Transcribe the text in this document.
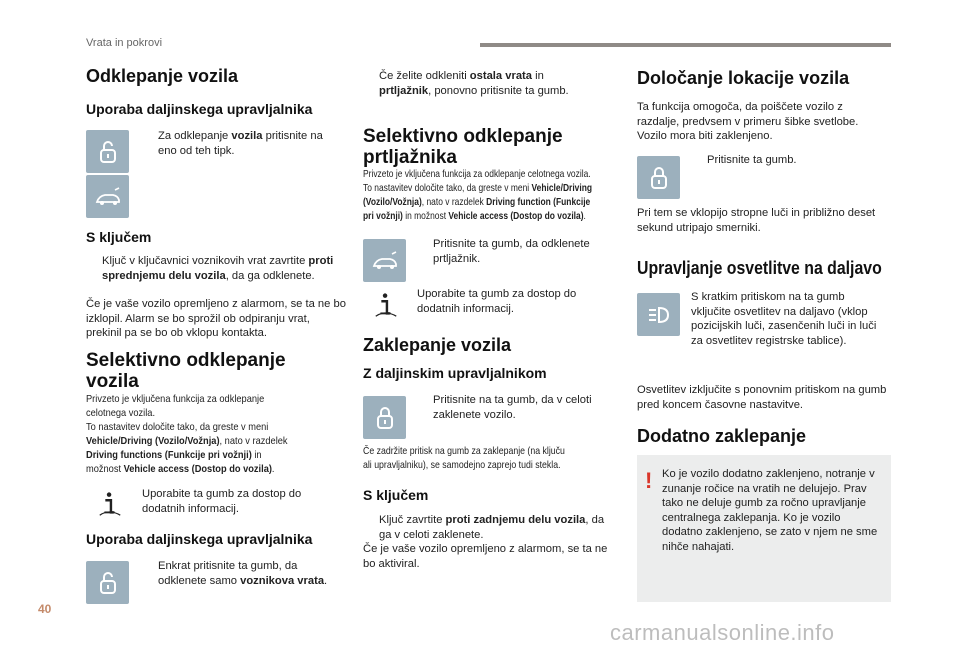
Vrata in pokrovi
Odklepanje vozila
Uporaba daljinskega upravljalnika
Za odklepanje vozila pritisnite na eno od teh tipk.
S ključem
Ključ v ključavnici voznikovih vrat zavrtite proti sprednjemu delu vozila, da ga odklenete.
Če je vaše vozilo opremljeno z alarmom, se ta ne bo izklopil. Alarm se bo sprožil ob odpiranju vrat, prekinil pa se bo ob vklopu kontakta.
Selektivno odklepanje
vozila
Privzeto je vključena funkcija za odklepanje
celotnega vozila.
To nastavitev določite tako, da greste v meni
Vehicle/Driving (Vozilo/Vožnja), nato v razdelek
Driving functions (Funkcije pri vožnji) in
možnost Vehicle access (Dostop do vozila).
Uporabite ta gumb za dostop do dodatnih informacij.
Uporaba daljinskega upravljalnika
Enkrat pritisnite ta gumb, da odklenete samo voznikova vrata.
Če želite odkleniti ostala vrata in prtljažnik, ponovno pritisnite ta gumb.
Selektivno odklepanje
prtljažnika
Privzeto je vključena funkcija za odklepanje celotnega vozila.
To nastavitev določite tako, da greste v meni Vehicle/Driving
(Vozilo/Vožnja), nato v razdelek Driving function (Funkcije
pri vožnji) in možnost Vehicle access (Dostop do vozila).
Pritisnite ta gumb, da odklenete prtljažnik.
Uporabite ta gumb za dostop do dodatnih informacij.
Zaklepanje vozila
Z daljinskim upravljalnikom
Pritisnite na ta gumb, da v celoti zaklenete vozilo.
Če zadržite pritisk na gumb za zaklepanje (na ključu
ali upravljalniku), se samodejno zaprejo tudi stekla.
S ključem
Ključ zavrtite proti zadnjemu delu vozila, da ga v celoti zaklenete.
Če je vaše vozilo opremljeno z alarmom, se ta ne bo aktiviral.
Določanje lokacije vozila
Ta funkcija omogoča, da poiščete vozilo z razdalje, predvsem v primeru šibke svetlobe. Vozilo mora biti zaklenjeno.
Pritisnite ta gumb.
Pri tem se vklopijo stropne luči in približno deset sekund utripajo smerniki.
Upravljanje osvetlitve na daljavo
S kratkim pritiskom na ta gumb vključite osvetlitev na daljavo (vklop pozicijskih luči, zasenčenih luči in luči za osvetlitev registrske tablice).
Osvetlitev izključite s ponovnim pritiskom na gumb pred koncem časovne nastavitve.
Dodatno zaklepanje
! Ko je vozilo dodatno zaklenjeno, notranje v zunanje ročice na vratih ne delujejo. Prav tako ne deluje gumb za ročno upravljanje centralnega zaklepanja. Ko je vozilo dodatno zaklenjeno, se zato v njem ne sme nihče nahajati.
40
carmanualsonline.info
